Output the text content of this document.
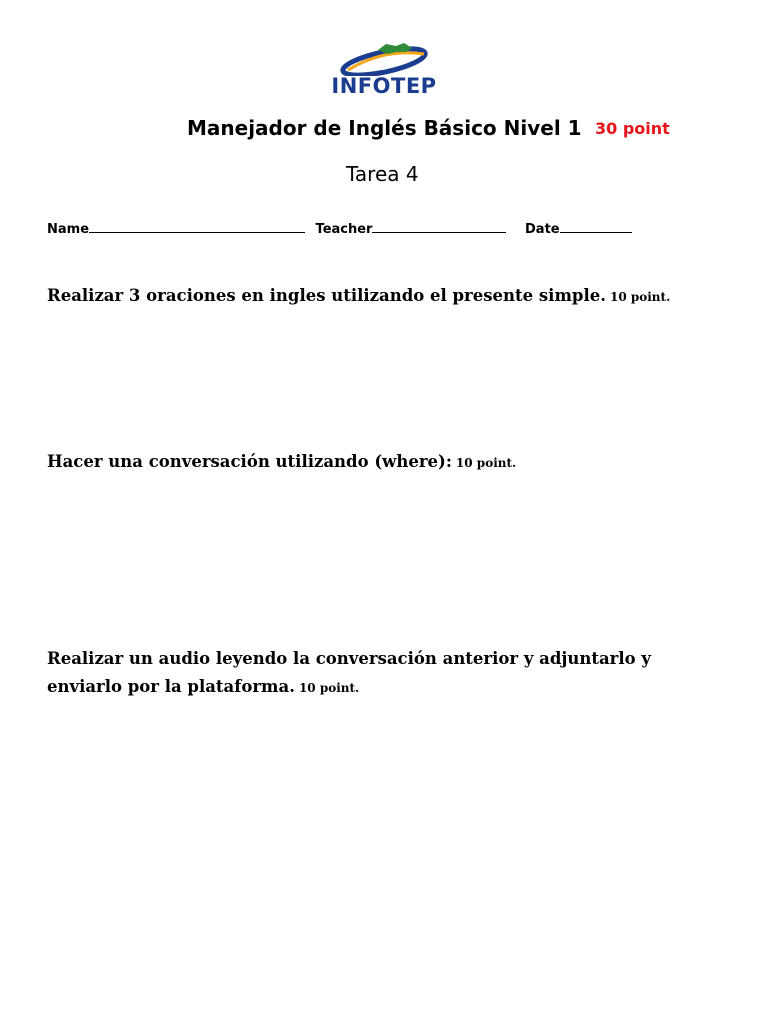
INFOTEP
Manejador de Inglés Básico Nivel 1 30 point
Tarea 4
Name	Teacher	Date
Realizar 3 oraciones en ingles utilizando el presente simple. 10 point.
Hacer una conversación utilizando (where): 10 point.
Realizar un audio leyendo la conversación anterior y adjuntarlo y enviarlo por la plataforma. 10 point.
